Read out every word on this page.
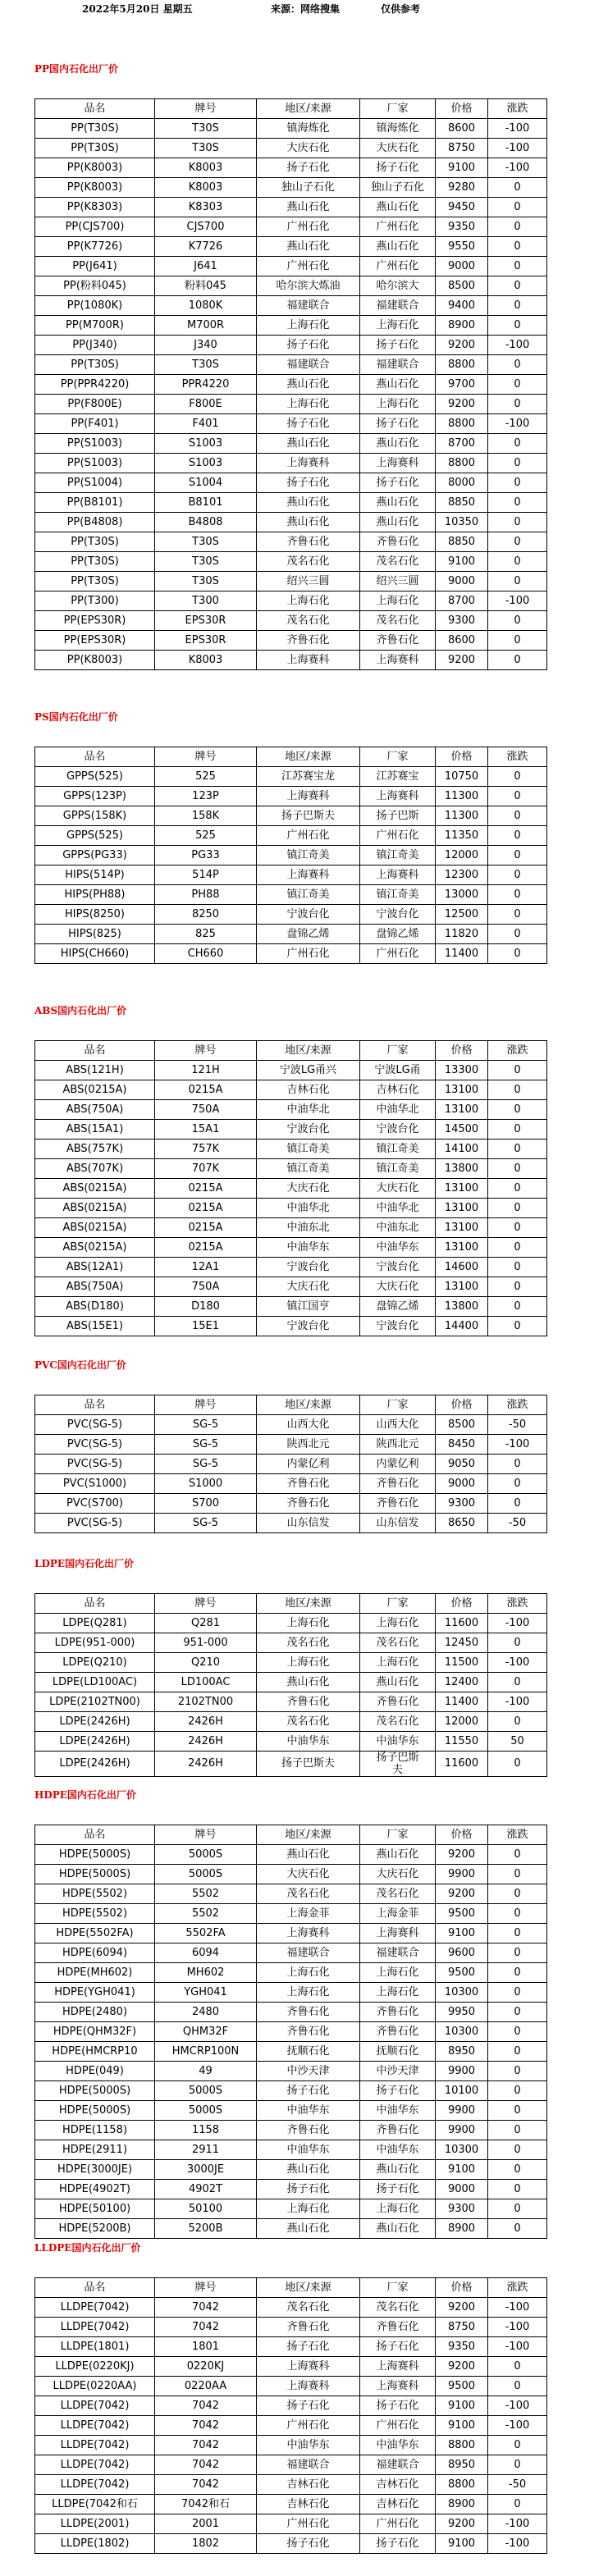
2022年5月20日 星期五	来源：网络搜集	仅供参考
PP国内石化出厂价
品名	牌号	地区/来源	厂家	价格	涨跌
PP(T30S)	T30S	镇海炼化	镇海炼化	8600	-100
PP(T30S)	T30S	大庆石化	大庆石化	8750	-100
PP(K8003)	K8003	扬子石化	扬子石化	9100	-100
PP(K8003)	K8003	独山子石化	独山子石化	9280	0
PP(K8303)	K8303	燕山石化	燕山石化	9450	0
PP(CJS700)	CJS700	广州石化	广州石化	9350	0
PP(K7726)	K7726	燕山石化	燕山石化	9550	0
PP(J641)	J641	广州石化	广州石化	9000	0
PP(粉料045)	粉料045	哈尔滨大炼油	哈尔滨大	8500	0
PP(1080K)	1080K	福建联合	福建联合	9400	0
PP(M700R)	M700R	上海石化	上海石化	8900	0
PP(J340)	J340	扬子石化	扬子石化	9200	-100
PP(T30S)	T30S	福建联合	福建联合	8800	0
PP(PPR4220)	PPR4220	燕山石化	燕山石化	9700	0
PP(F800E)	F800E	上海石化	上海石化	9200	0
PP(F401)	F401	扬子石化	扬子石化	8800	-100
PP(S1003)	S1003	燕山石化	燕山石化	8700	0
PP(S1003)	S1003	上海赛科	上海赛科	8800	0
PP(S1004)	S1004	扬子石化	扬子石化	8000	0
PP(B8101)	B8101	燕山石化	燕山石化	8850	0
PP(B4808)	B4808	燕山石化	燕山石化	10350	0
PP(T30S)	T30S	齐鲁石化	齐鲁石化	8850	0
PP(T30S)	T30S	茂名石化	茂名石化	9100	0
PP(T30S)	T30S	绍兴三圆	绍兴三圆	9000	0
PP(T300)	T300	上海石化	上海石化	8700	-100
PP(EPS30R)	EPS30R	茂名石化	茂名石化	9300	0
PP(EPS30R)	EPS30R	齐鲁石化	齐鲁石化	8600	0
PP(K8003)	K8003	上海赛科	上海赛科	9200	0
PS国内石化出厂价
品名	牌号	地区/来源	厂家	价格	涨跌
GPPS(525)	525	江苏赛宝龙	江苏赛宝	10750	0
GPPS(123P)	123P	上海赛科	上海赛科	11300	0
GPPS(158K)	158K	扬子巴斯夫	扬子巴斯	11300	0
GPPS(525)	525	广州石化	广州石化	11350	0
GPPS(PG33)	PG33	镇江奇美	镇江奇美	12000	0
HIPS(514P)	514P	上海赛科	上海赛科	12300	0
HIPS(PH88)	PH88	镇江奇美	镇江奇美	13000	0
HIPS(8250)	8250	宁波台化	宁波台化	12500	0
HIPS(825)	825	盘锦乙烯	盘锦乙烯	11820	0
HIPS(CH660)	CH660	广州石化	广州石化	11400	0
ABS国内石化出厂价
品名	牌号	地区/来源	厂家	价格	涨跌
ABS(121H)	121H	宁波LG甬兴	宁波LG甬	13300	0
ABS(0215A)	0215A	吉林石化	吉林石化	13100	0
ABS(750A)	750A	中油华北	中油华北	13100	0
ABS(15A1)	15A1	宁波台化	宁波台化	14500	0
ABS(757K)	757K	镇江奇美	镇江奇美	14100	0
ABS(707K)	707K	镇江奇美	镇江奇美	13800	0
ABS(0215A)	0215A	大庆石化	大庆石化	13100	0
ABS(0215A)	0215A	中油华北	中油华北	13100	0
ABS(0215A)	0215A	中油东北	中油东北	13100	0
ABS(0215A)	0215A	中油华东	中油华东	13100	0
ABS(12A1)	12A1	宁波台化	宁波台化	14600	0
ABS(750A)	750A	大庆石化	大庆石化	13100	0
ABS(D180)	D180	镇江国亨	盘锦乙烯	13800	0
ABS(15E1)	15E1	宁波台化	宁波台化	14400	0
PVC国内石化出厂价
品名	牌号	地区/来源	厂家	价格	涨跌
PVC(SG-5)	SG-5	山西大化	山西大化	8500	-50
PVC(SG-5)	SG-5	陕西北元	陕西北元	8450	-100
PVC(SG-5)	SG-5	内蒙亿利	内蒙亿利	9050	0
PVC(S1000)	S1000	齐鲁石化	齐鲁石化	9000	0
PVC(S700)	S700	齐鲁石化	齐鲁石化	9300	0
PVC(SG-5)	SG-5	山东信发	山东信发	8650	-50
LDPE国内石化出厂价
品名	牌号	地区/来源	厂家	价格	涨跌
LDPE(Q281)	Q281	上海石化	上海石化	11600	-100
LDPE(951-000)	951-000	茂名石化	茂名石化	12450	0
LDPE(Q210)	Q210	上海石化	上海石化	11500	-100
LDPE(LD100AC)	LD100AC	燕山石化	燕山石化	12400	0
LDPE(2102TN00)	2102TN00	齐鲁石化	齐鲁石化	11400	-100
LDPE(2426H)	2426H	茂名石化	茂名石化	12000	0
LDPE(2426H)	2426H	中油华东	中油华东	11550	50
LDPE(2426H)	2426H	扬子巴斯夫	扬子巴斯夫	11600	0
HDPE国内石化出厂价
品名	牌号	地区/来源	厂家	价格	涨跌
HDPE(5000S)	5000S	燕山石化	燕山石化	9200	0
HDPE(5000S)	5000S	大庆石化	大庆石化	9900	0
HDPE(5502)	5502	茂名石化	茂名石化	9200	0
HDPE(5502)	5502	上海金菲	上海金菲	9500	0
HDPE(5502FA)	5502FA	上海赛科	上海赛科	9100	0
HDPE(6094)	6094	福建联合	福建联合	9600	0
HDPE(MH602)	MH602	上海石化	上海石化	9500	0
HDPE(YGH041)	YGH041	上海石化	上海石化	10300	0
HDPE(2480)	2480	齐鲁石化	齐鲁石化	9950	0
HDPE(QHM32F)	QHM32F	齐鲁石化	齐鲁石化	10300	0
HDPE(HMCRP10	HMCRP100N	抚顺石化	抚顺石化	8950	0
HDPE(049)	49	中沙天津	中沙天津	9900	0
HDPE(5000S)	5000S	扬子石化	扬子石化	10100	0
HDPE(5000S)	5000S	中油华东	中油华东	9900	0
HDPE(1158)	1158	齐鲁石化	齐鲁石化	9900	0
HDPE(2911)	2911	中油华东	中油华东	10300	0
HDPE(3000JE)	3000JE	燕山石化	燕山石化	9100	0
HDPE(4902T)	4902T	扬子石化	扬子石化	9000	0
HDPE(50100)	50100	上海石化	上海石化	9300	0
HDPE(5200B)	5200B	燕山石化	燕山石化	8900	0
LLDPE国内石化出厂价
品名	牌号	地区/来源	厂家	价格	涨跌
LLDPE(7042)	7042	茂名石化	茂名石化	9200	-100
LLDPE(7042)	7042	齐鲁石化	齐鲁石化	8750	-100
LLDPE(1801)	1801	扬子石化	扬子石化	9350	-100
LLDPE(0220KJ)	0220KJ	上海赛科	上海赛科	9200	0
LLDPE(0220AA)	0220AA	上海赛科	上海赛科	9500	0
LLDPE(7042)	7042	扬子石化	扬子石化	9100	-100
LLDPE(7042)	7042	广州石化	广州石化	9100	-100
LLDPE(7042)	7042	中油华东	中油华东	8800	0
LLDPE(7042)	7042	福建联合	福建联合	8950	0
LLDPE(7042)	7042	吉林石化	吉林石化	8800	-50
LLDPE(7042和石	7042和石	吉林石化	吉林石化	8900	0
LLDPE(2001)	2001	广州石化	广州石化	9200	-100
LLDPE(1802)	1802	扬子石化	扬子石化	9100	-100
